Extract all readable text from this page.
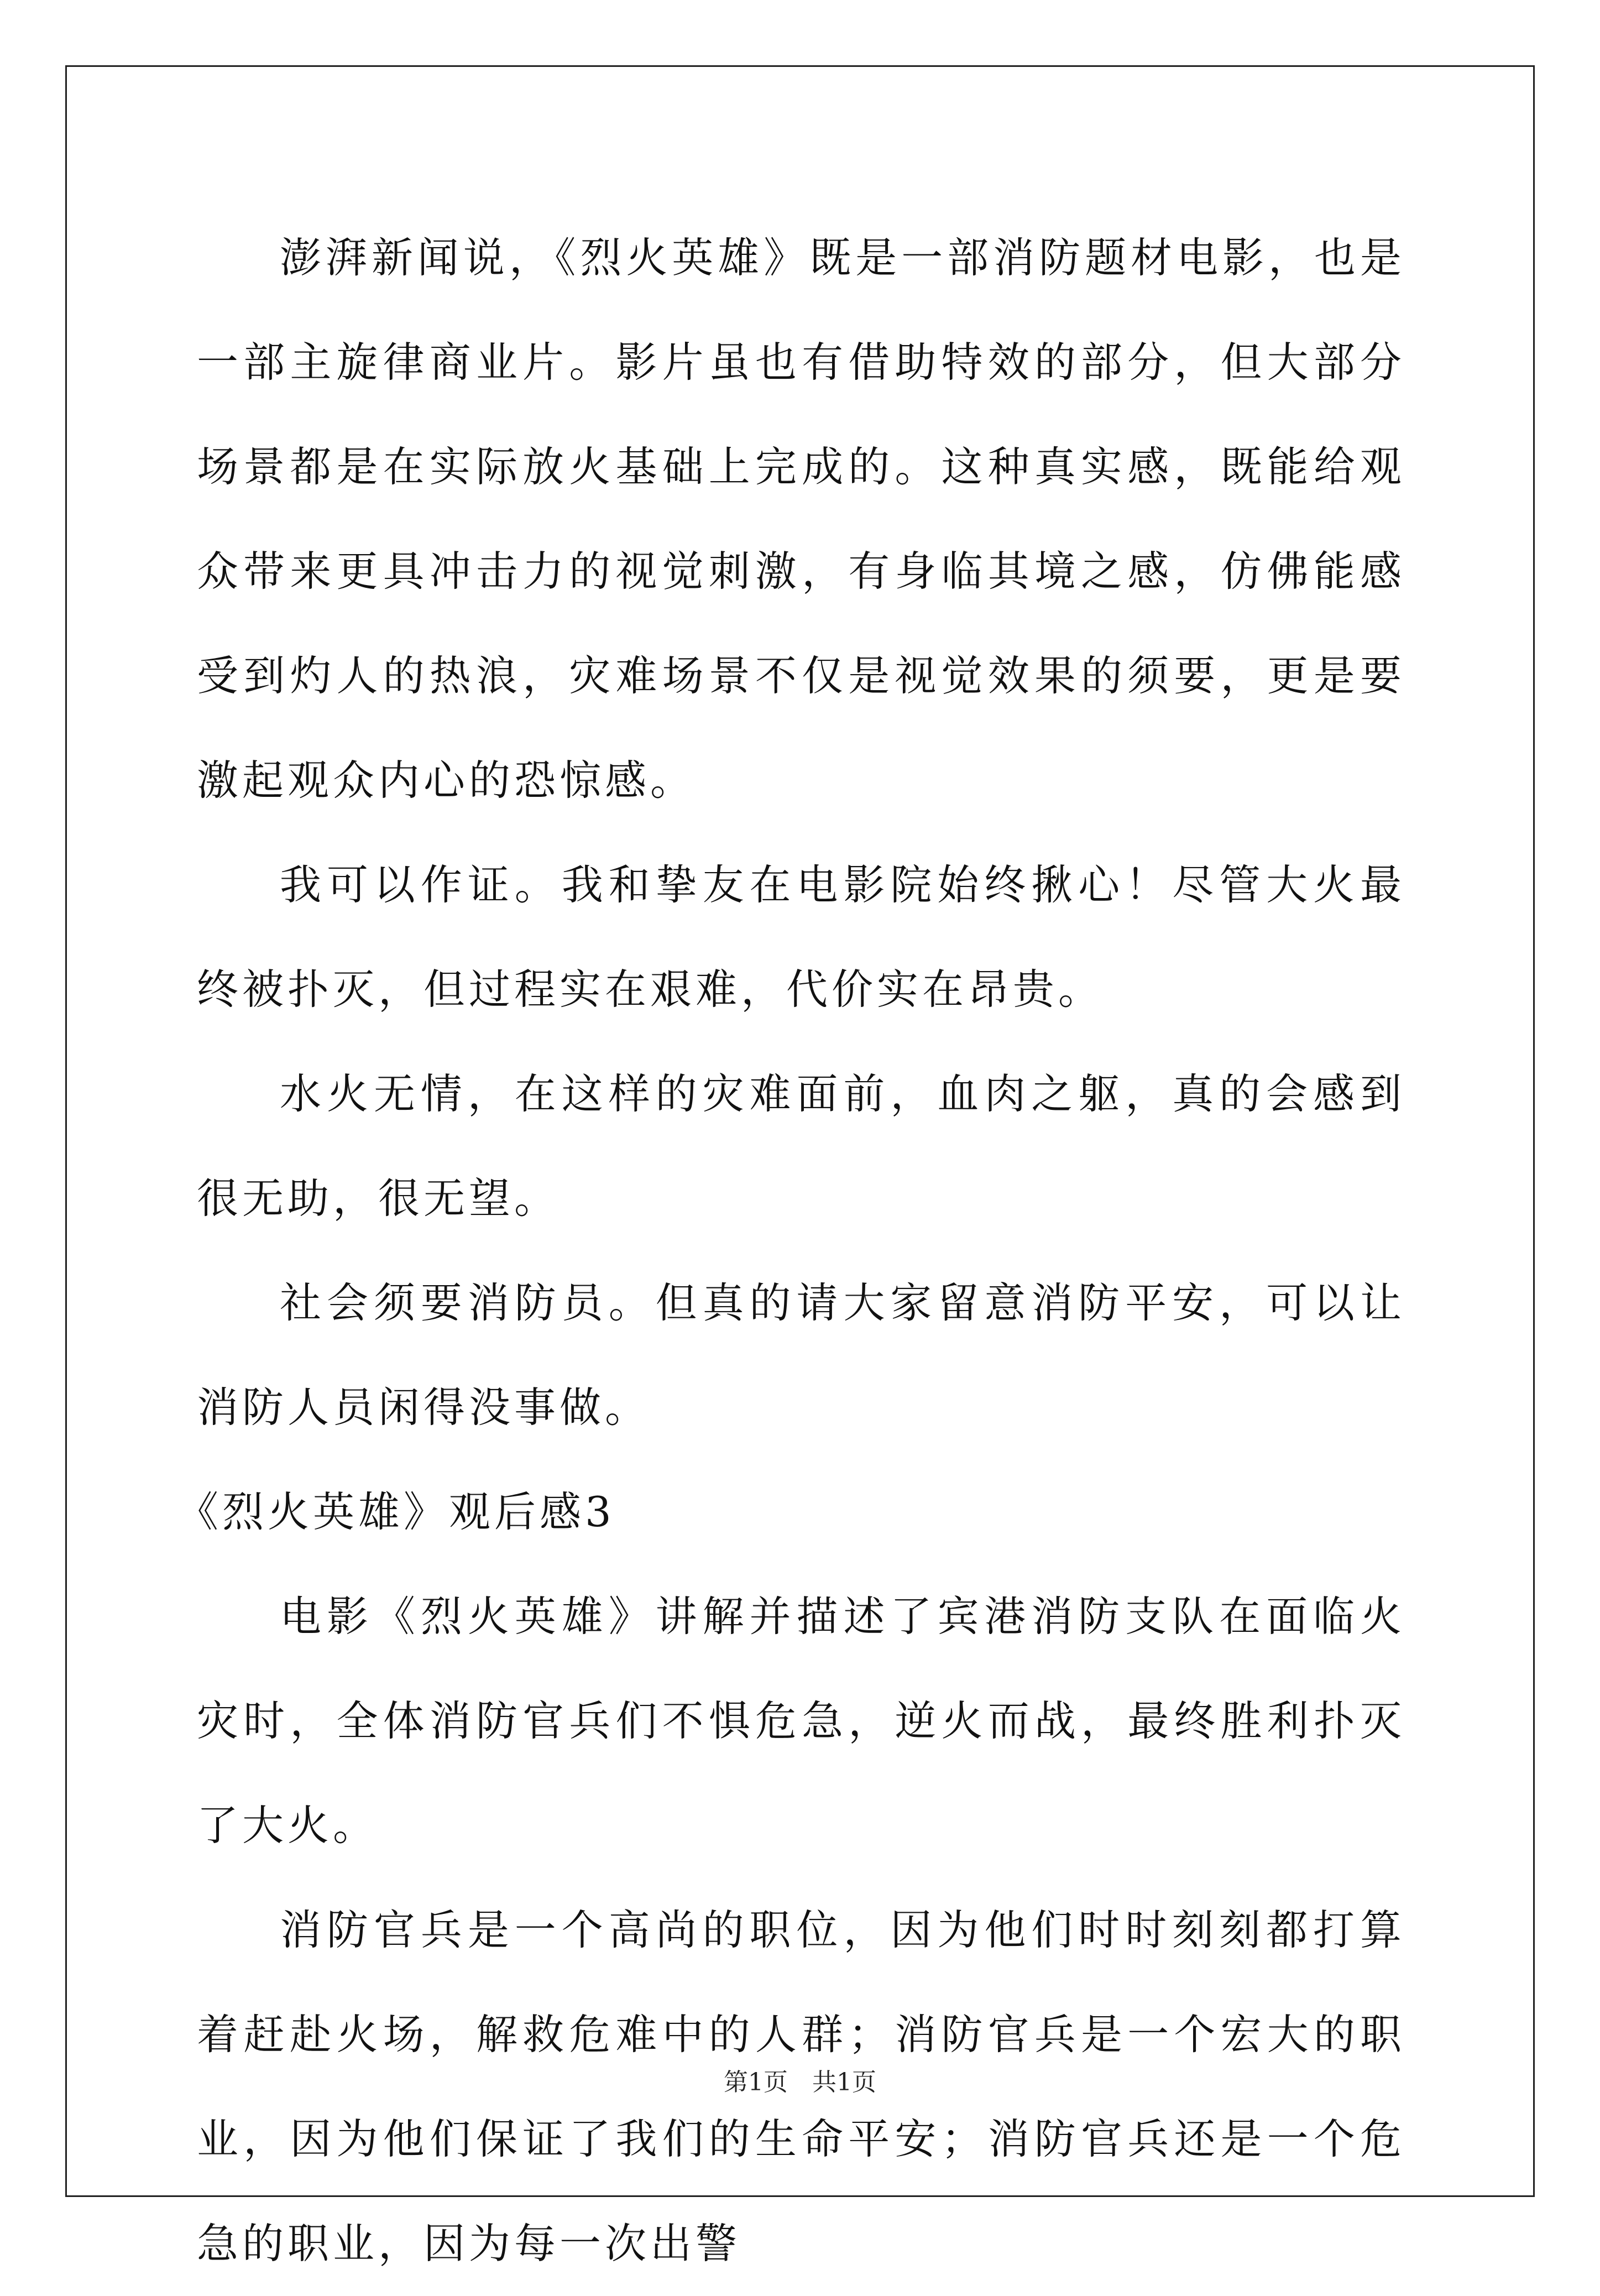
澎湃新闻说，《烈火英雄》既是一部消防题材电影，也是一部主旋律商业片。影片虽也有借助特效的部分，但大部分场景都是在实际放火基础上完成的。这种真实感，既能给观众带来更具冲击力的视觉刺激，有身临其境之感，仿佛能感受到灼人的热浪，灾难场景不仅是视觉效果的须要，更是要激起观众内心的恐惊感。

我可以作证。我和挚友在电影院始终揪心！尽管大火最终被扑灭，但过程实在艰难，代价实在昂贵。

水火无情，在这样的灾难面前，血肉之躯，真的会感到很无助，很无望。

社会须要消防员。但真的请大家留意消防平安，可以让消防人员闲得没事做。

《烈火英雄》观后感3

电影《烈火英雄》讲解并描述了宾港消防支队在面临火灾时，全体消防官兵们不惧危急，逆火而战，最终胜利扑灭了大火。

消防官兵是一个高尚的职位，因为他们时时刻刻都打算着赶赴火场，解救危难中的人群；消防官兵是一个宏大的职业，因为他们保证了我们的生命平安；消防官兵还是一个危急的职业，因为每一次出警

第1页 共1页
